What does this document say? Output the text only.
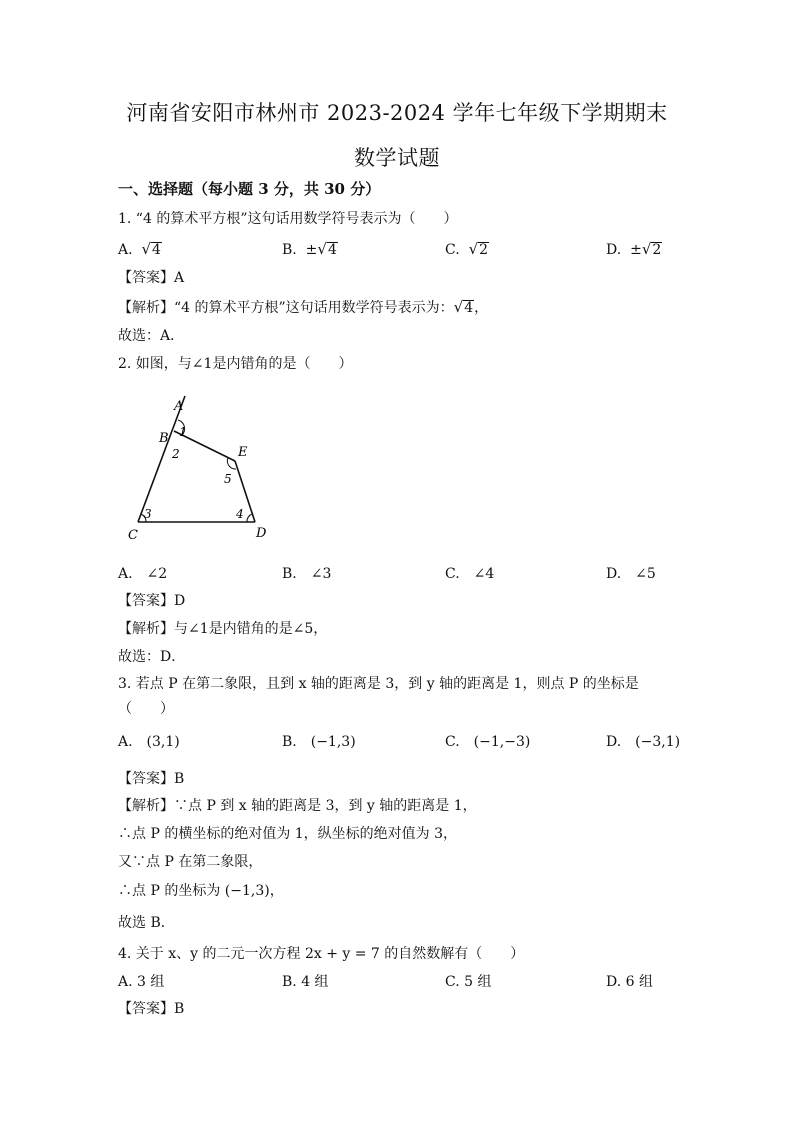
河南省安阳市林州市 2023-2024 学年七年级下学期期末
数学试题
一、选择题（每小题 3 分，共 30 分）
1. “4 的算术平方根”这句话用数学符号表示为（　　）
A. √4	B. ±√4	C. √2	D. ±√2
【答案】A
【解析】“4 的算术平方根”这句话用数学符号表示为：√4，
故选：A．
2. 如图，与∠1是内错角的是（　　）
A
B 1
2	E
5
3	4
C	D
A.　∠2	B.　∠3	C.　∠4	D.　∠5
【答案】D
【解析】与∠1是内错角的是∠5，
故选：D．
3. 若点 P 在第二象限，且到 x 轴的距离是 3，到 y 轴的距离是 1，则点 P 的坐标是
（　　）
A.　(3,1)	B.　(−1,3)	C.　(−1,−3)	D.　(−3,1)
【答案】B
【解析】∵点 P 到 x 轴的距离是 3，到 y 轴的距离是 1，
∴点 P 的横坐标的绝对值为 1，纵坐标的绝对值为 3，
又∵点 P 在第二象限，
∴点 P 的坐标为 (−1,3)，
故选 B．
4. 关于 x、y 的二元一次方程 2x + y = 7 的自然数解有（　　）
A. 3 组	B. 4 组	C. 5 组	D. 6 组
【答案】B
